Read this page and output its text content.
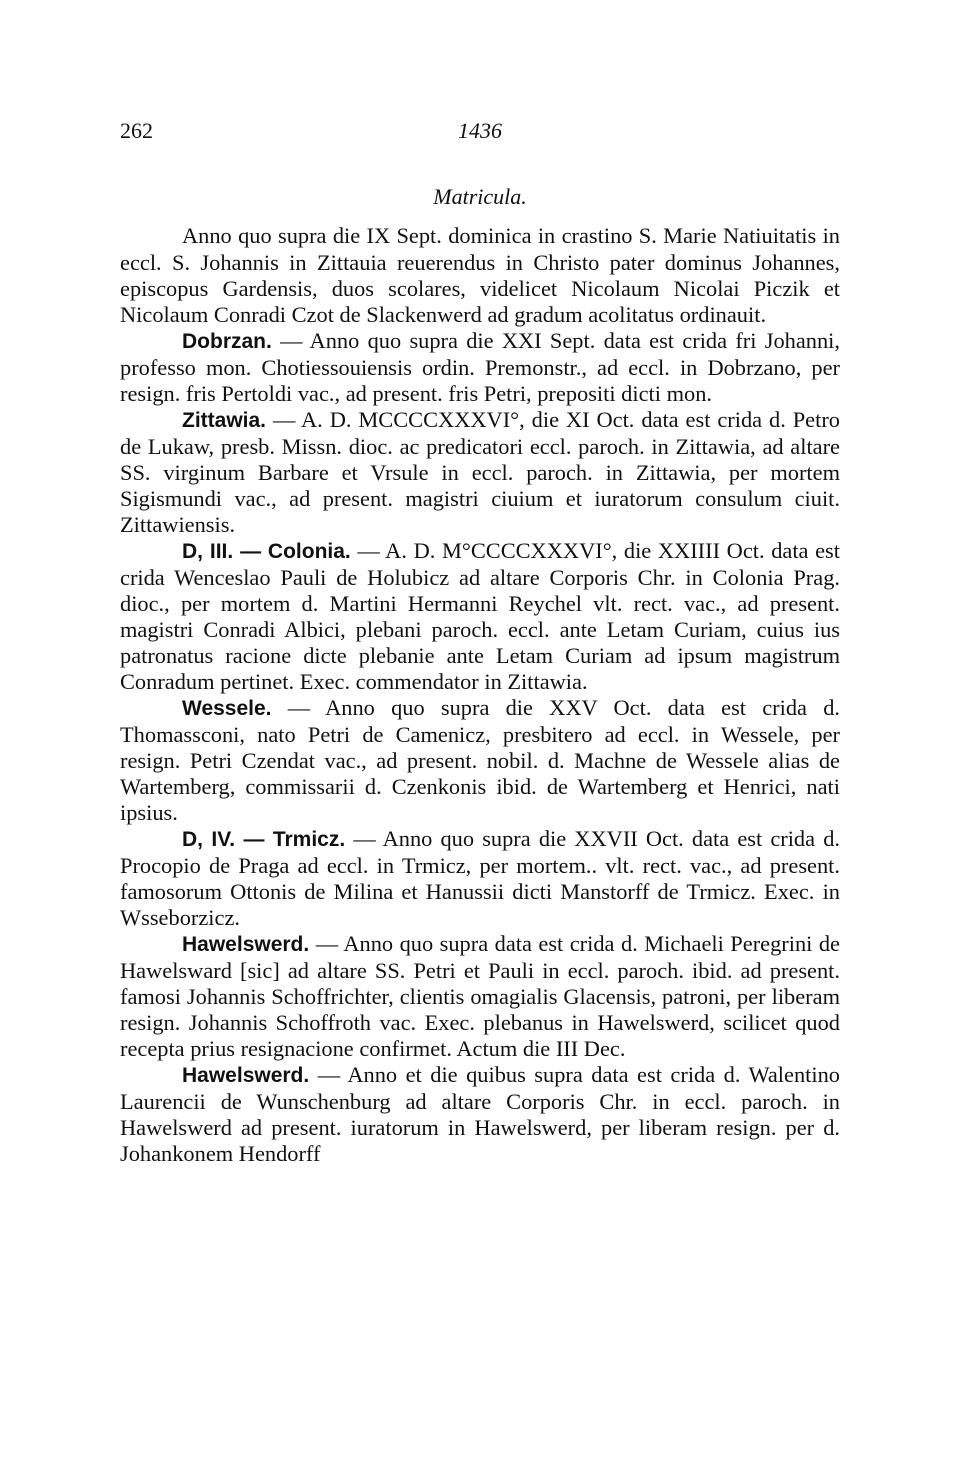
262	1436
Matricula.

Anno quo supra die IX Sept. dominica in crastino S. Marie Natiuitatis in eccl. S. Johannis in Zittauia reuerendus in Christo pater dominus Johannes, episcopus Gardensis, duos scolares, videlicet Nicolaum Nicolai Piczik et Nicolaum Conradi Czot de Slackenwerd ad gradum acolitatus ordinauit.

Dobrzan. — Anno quo supra die XXI Sept. data est crida fri Johanni, professo mon. Chotiessouiensis ordin. Premonstr., ad eccl. in Dobrzano, per resign. fris Pertoldi vac., ad present. fris Petri, prepositi dicti mon.

Zittawia. — A. D. MCCCCXXXVI°, die XI Oct. data est crida d. Petro de Lukaw, presb. Missn. dioc. ac predicatori eccl. paroch. in Zittawia, ad altare SS. virginum Barbare et Vrsule in eccl. paroch. in Zittawia, per mortem Sigismundi vac., ad present. magistri ciuium et iuratorum consulum ciuit. Zittawiensis.

D, III. — Colonia. — A. D. M°CCCCXXXVI°, die XXIIII Oct. data est crida Wenceslao Pauli de Holubicz ad altare Corporis Chr. in Colonia Prag. dioc., per mortem d. Martini Hermanni Reychel vlt. rect. vac., ad present. magistri Conradi Albici, plebani paroch. eccl. ante Letam Curiam, cuius ius patronatus racione dicte plebanie ante Letam Curiam ad ipsum magistrum Conradum pertinet. Exec. commendator in Zittawia.

Wessele. — Anno quo supra die XXV Oct. data est crida d. Thomassconi, nato Petri de Camenicz, presbitero ad eccl. in Wessele, per resign. Petri Czendat vac., ad present. nobil. d. Machne de Wessele alias de Wartemberg, commissarii d. Czenkonis ibid. de Wartemberg et Henrici, nati ipsius.

D, IV. — Trmicz. — Anno quo supra die XXVII Oct. data est crida d. Procopio de Praga ad eccl. in Trmicz, per mortem.. vlt. rect. vac., ad present. famosorum Ottonis de Milina et Hanussii dicti Manstorff de Trmicz. Exec. in Wsseborzicz.

Hawelswerd. — Anno quo supra data est crida d. Michaeli Peregrini de Hawelsward [sic] ad altare SS. Petri et Pauli in eccl. paroch. ibid. ad present. famosi Johannis Schoffrichter, clientis omagialis Glacensis, patroni, per liberam resign. Johannis Schoffroth vac. Exec. plebanus in Hawelswerd, scilicet quod recepta prius resignacione confirmet. Actum die III Dec.

Hawelswerd. — Anno et die quibus supra data est crida d. Walentino Laurencii de Wunschenburg ad altare Corporis Chr. in eccl. paroch. in Hawelswerd ad present. iuratorum in Hawelswerd, per liberam resign. per d. Johankonem Hendorff
